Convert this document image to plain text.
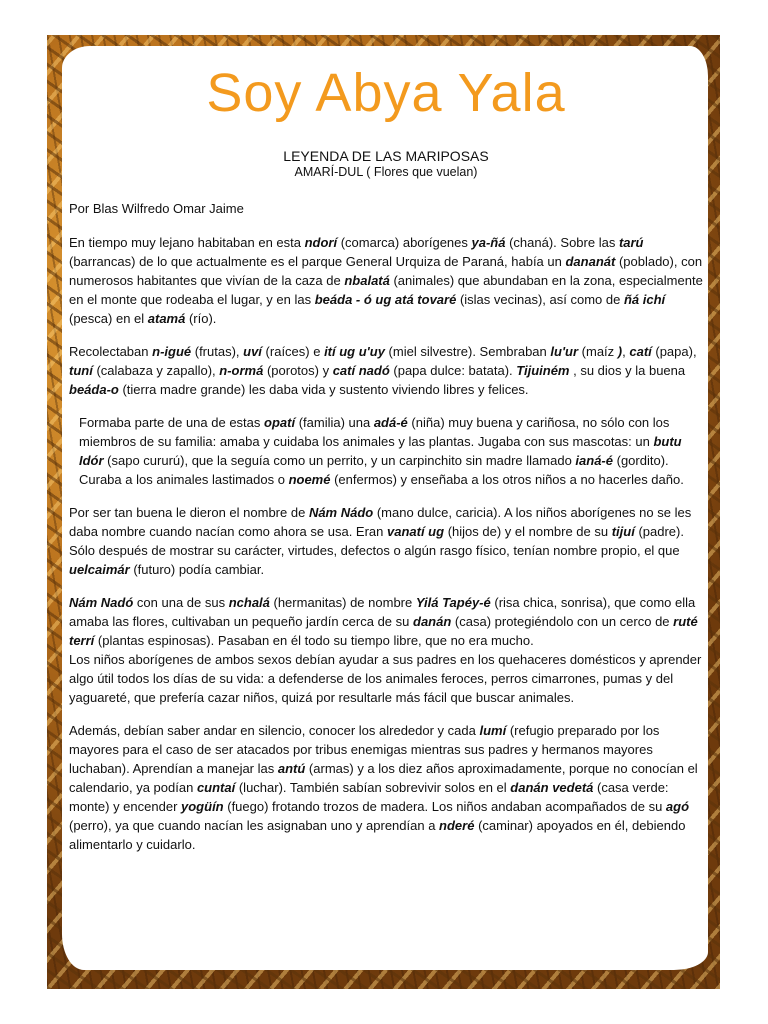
Soy Abya Yala
LEYENDA DE LAS MARIPOSAS
AMARÍ-DUL ( Flores que vuelan)
Por Blas Wilfredo Omar Jaime

En tiempo muy lejano habitaban en esta ndorí (comarca) aborígenes ya-ñá (chaná). Sobre las tarú (barrancas) de lo que actualmente es el parque General Urquiza de Paraná, había un dananát (poblado), con numerosos habitantes que vivían de la caza de nbalatá (animales) que abundaban en la zona, especialmente en el monte que rodeaba el lugar, y en las beáda - ó ug atá tovaré (islas vecinas), así como de ñá ichí (pesca) en el atamá (río).

Recolectaban n-igué (frutas), uví (raíces) e ití ug u'uy (miel silvestre). Sembraban lu'ur (maíz ), catí (papa), tuní (calabaza y zapallo), n-ormá (porotos) y catí nadó (papa dulce: batata). Tijuiném , su dios y la buena beáda-o (tierra madre grande) les daba vida y sustento viviendo libres y felices.

Formaba parte de una de estas opatí (familia) una adá-é (niña) muy buena y cariñosa, no sólo con los miembros de su familia: amaba y cuidaba los animales y las plantas. Jugaba con sus mascotas: un butu Idór (sapo cururú), que la seguía como un perrito, y un carpinchito sin madre llamado ianá-é (gordito). Curaba a los animales lastimados o noemé (enfermos) y enseñaba a los otros niños a no hacerles daño.

Por ser tan buena le dieron el nombre de Nám Nádo (mano dulce, caricia). A los niños aborígenes no se les daba nombre cuando nacían como ahora se usa. Eran vanatí ug (hijos de) y el nombre de su tijuí (padre). Sólo después de mostrar su carácter, virtudes, defectos o algún rasgo físico, tenían nombre propio, el que uelcaimár (futuro) podía cambiar.

Nám Nadó con una de sus nchalá (hermanitas) de nombre Yilá Tapéy-é (risa chica, sonrisa), que como ella amaba las flores, cultivaban un pequeño jardín cerca de su danán (casa) protegiéndolo con un cerco de ruté terrí (plantas espinosas). Pasaban en él todo su tiempo libre, que no era mucho.
Los niños aborígenes de ambos sexos debían ayudar a sus padres en los quehaceres domésticos y aprender algo útil todos los días de su vida: a defenderse de los animales feroces, perros cimarrones, pumas y del yaguareté, que prefería cazar niños, quizá por resultarle más fácil que buscar animales.

Además, debían saber andar en silencio, conocer los alrededor y cada lumí (refugio preparado por los mayores para el caso de ser atacados por tribus enemigas mientras sus padres y hermanos mayores luchaban). Aprendían a manejar las antú (armas) y a los diez años aproximadamente, porque no conocían el calendario, ya podían cuntaí (luchar). También sabían sobrevivir solos en el danán vedetá (casa verde: monte) y encender yogüín (fuego) frotando trozos de madera. Los niños andaban acompañados de su agó (perro), ya que cuando nacían les asignaban uno y aprendían a nderé (caminar) apoyados en él, debiendo alimentarlo y cuidarlo.
